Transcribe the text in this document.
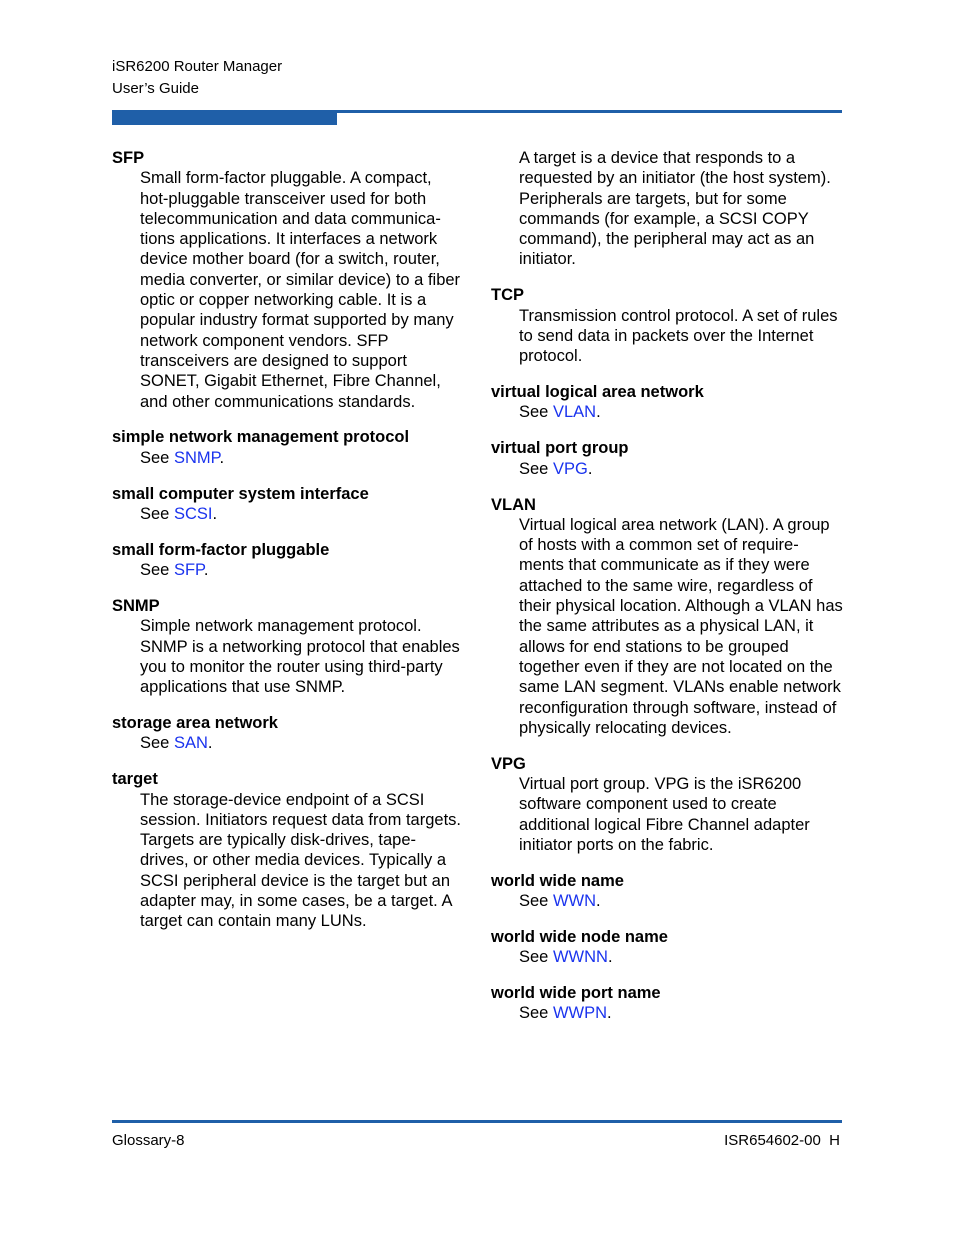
iSR6200 Router Manager
User’s Guide
SFP
Small form-factor pluggable. A compact, hot-pluggable transceiver used for both telecommunication and data communica-tions applications. It interfaces a network device mother board (for a switch, router, media converter, or similar device) to a fiber optic or copper networking cable. It is a popular industry format supported by many network component vendors. SFP transceivers are designed to support SONET, Gigabit Ethernet, Fibre Channel, and other communications standards.
simple network management protocol
See SNMP.
small computer system interface
See SCSI.
small form-factor pluggable
See SFP.
SNMP
Simple network management protocol. SNMP is a networking protocol that enables you to monitor the router using third-party applications that use SNMP.
storage area network
See SAN.
target
The storage-device endpoint of a SCSI session. Initiators request data from targets. Targets are typically disk-drives, tape-drives, or other media devices. Typically a SCSI peripheral device is the target but an adapter may, in some cases, be a target. A target can contain many LUNs.
A target is a device that responds to a requested by an initiator (the host system). Peripherals are targets, but for some commands (for example, a SCSI COPY command), the peripheral may act as an initiator.
TCP
Transmission control protocol. A set of rules to send data in packets over the Internet protocol.
virtual logical area network
See VLAN.
virtual port group
See VPG.
VLAN
Virtual logical area network (LAN). A group of hosts with a common set of require-ments that communicate as if they were attached to the same wire, regardless of their physical location. Although a VLAN has the same attributes as a physical LAN, it allows for end stations to be grouped together even if they are not located on the same LAN segment. VLANs enable network reconfiguration through software, instead of physically relocating devices.
VPG
Virtual port group. VPG is the iSR6200 software component used to create additional logical Fibre Channel adapter initiator ports on the fabric.
world wide name
See WWN.
world wide node name
See WWNN.
world wide port name
See WWPN.
Glossary-8	ISR654602-00  H
